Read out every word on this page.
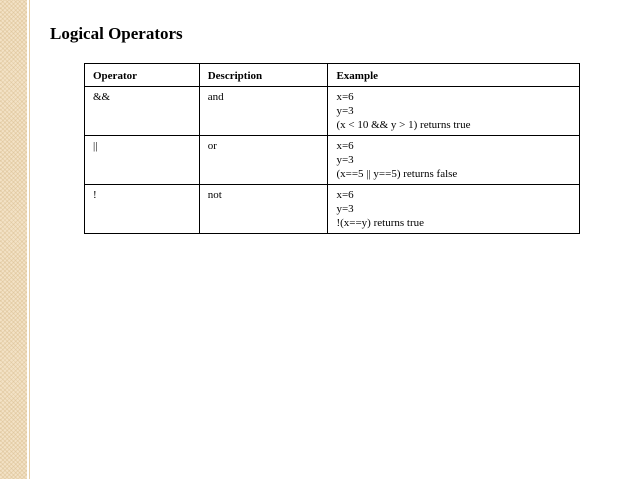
Logical Operators
Operator	Description	Example
&&	and	x=6
y=3
(x < 10 && y > 1) returns true

||	or	x=6
y=3
(x==5 || y==5) returns false

!	not	x=6
y=3
!(x==y) returns true
